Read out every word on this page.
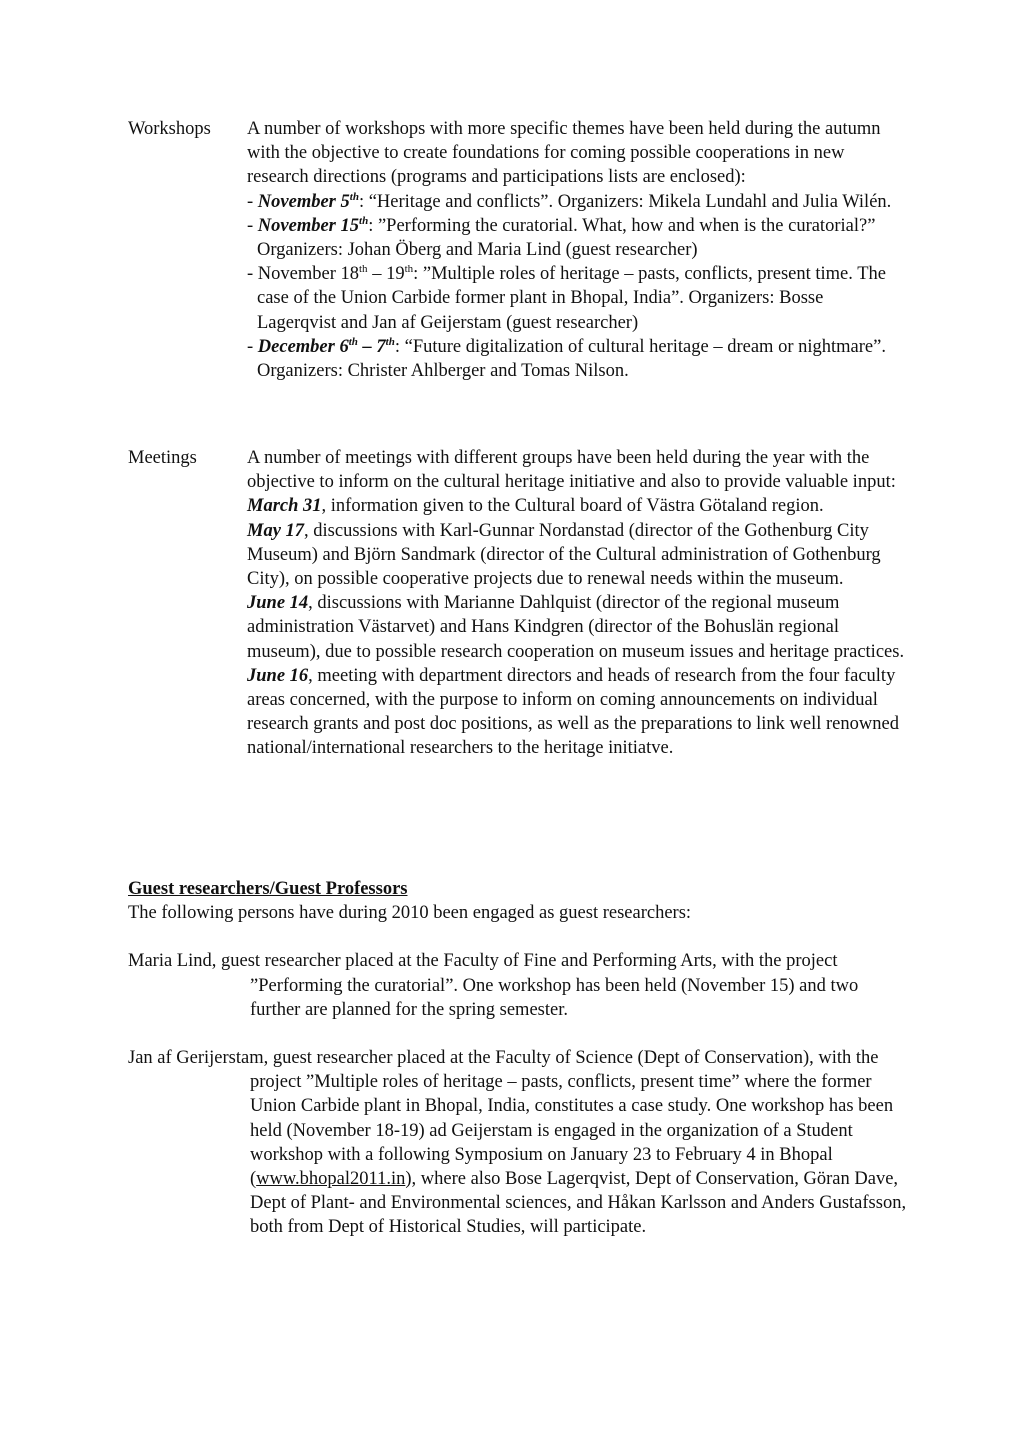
Workshops A number of workshops with more specific themes have been held during the autumn with the objective to create foundations for coming possible cooperations in new research directions (programs and participations lists are enclosed):

- November 5th: “Heritage and conflicts”. Organizers: Mikela Lundahl and Julia Wilén.

- November 15th: ”Performing the curatorial. What, how and when is the curatorial?” Organizers: Johan Öberg and Maria Lind (guest researcher)

- November 18th – 19th: ”Multiple roles of heritage – pasts, conflicts, present time. The case of the Union Carbide former plant in Bhopal, India”. Organizers: Bosse Lagerqvist and Jan af Geijerstam (guest researcher)

- December 6th – 7th: “Future digitalization of cultural heritage – dream or nightmare”. Organizers: Christer Ahlberger and Tomas Nilson.

Meetings	A number of meetings with different groups have been held during the year with the objective to inform on the cultural heritage initiative and also to provide valuable input:

March 31, information given to the Cultural board of Västra Götaland region.

May 17, discussions with Karl-Gunnar Nordanstad (director of the Gothenburg City Museum) and Björn Sandmark (director of the Cultural administration of Gothenburg City), on possible cooperative projects due to renewal needs within the museum.

June 14, discussions with Marianne Dahlquist (director of the regional museum administration Västarvet) and Hans Kindgren (director of the Bohuslän regional museum), due to possible research cooperation on museum issues and heritage practices.

June 16, meeting with department directors and heads of research from the four faculty areas concerned, with the purpose to inform on coming announcements on individual research grants and post doc positions, as well as the preparations to link well renowned national/international researchers to the heritage initiatve.

Guest researchers/Guest Professors

The following persons have during 2010 been engaged as guest researchers:

Maria Lind, guest researcher placed at the Faculty of Fine and Performing Arts, with the project ”Performing the curatorial”. One workshop has been held (November 15) and two further are planned for the spring semester.

Jan af Gerijerstam, guest researcher placed at the Faculty of Science (Dept of Conservation), with the project ”Multiple roles of heritage – pasts, conflicts, present time” where the former Union Carbide plant in Bhopal, India, constitutes a case study. One workshop has been held (November 18-19) ad Geijerstam is engaged in the organization of a Student workshop with a following Symposium on January 23 to February 4 in Bhopal (www.bhopal2011.in), where also Bose Lagerqvist, Dept of Conservation, Göran Dave, Dept of Plant- and Environmental sciences, and Håkan Karlsson and Anders Gustafsson, both from Dept of Historical Studies, will participate.
